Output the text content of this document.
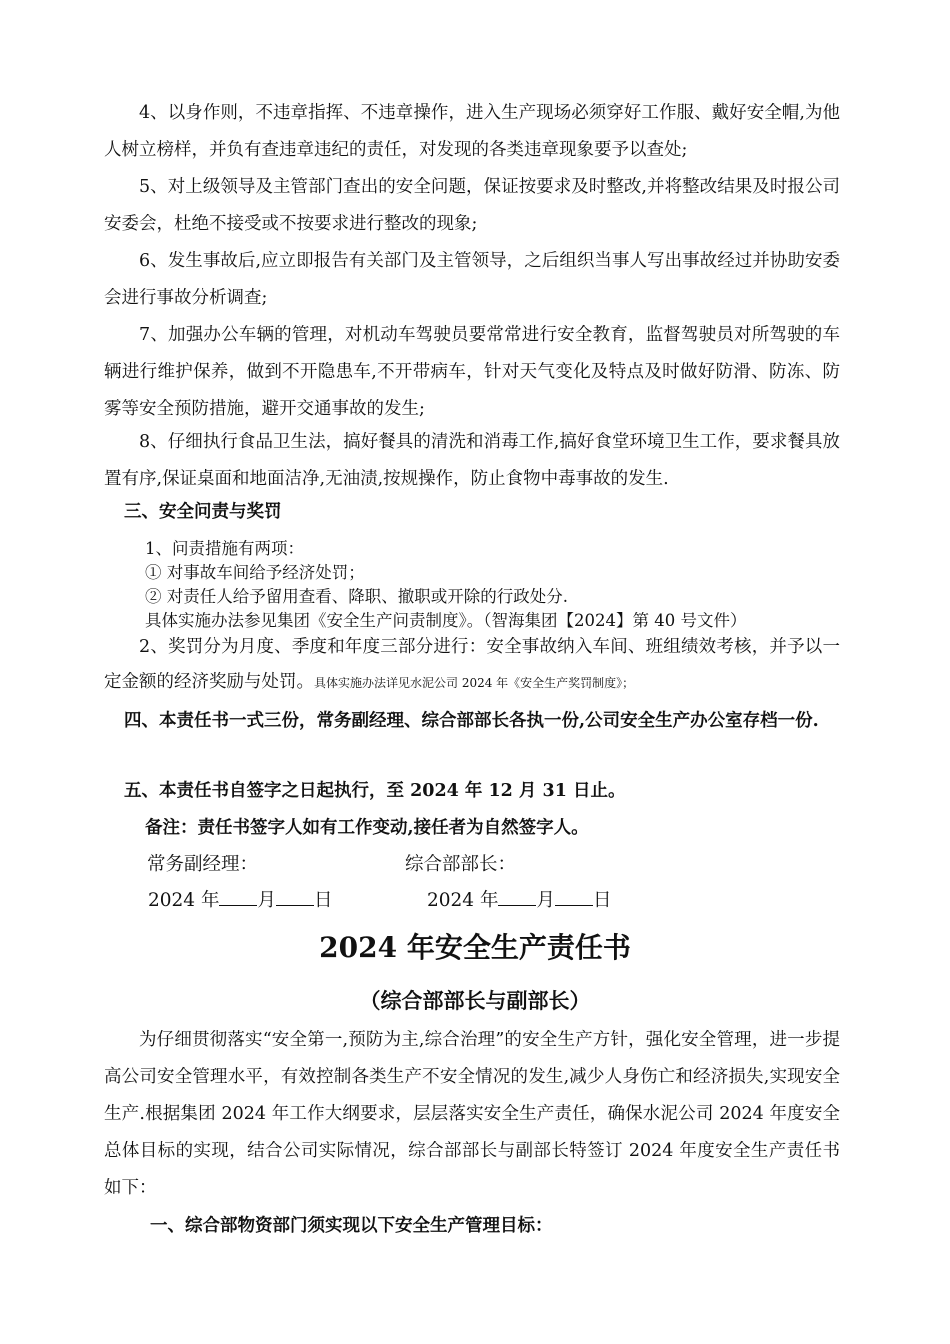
4、以身作则，不违章指挥、不违章操作，进入生产现场必须穿好工作服、戴好安全帽,为他人树立榜样，并负有查违章违纪的责任，对发现的各类违章现象要予以查处;

5、对上级领导及主管部门查出的安全问题，保证按要求及时整改,并将整改结果及时报公司安委会，杜绝不接受或不按要求进行整改的现象;

6、发生事故后,应立即报告有关部门及主管领导，之后组织当事人写出事故经过并协助安委会进行事故分析调查;

7、加强办公车辆的管理，对机动车驾驶员要常常进行安全教育，监督驾驶员对所驾驶的车辆进行维护保养，做到不开隐患车,不开带病车，针对天气变化及特点及时做好防滑、防冻、防雾等安全预防措施，避开交通事故的发生;

8、仔细执行食品卫生法，搞好餐具的清洗和消毒工作,搞好食堂环境卫生工作，要求餐具放置有序,保证桌面和地面洁净,无油渍,按规操作，防止食物中毒事故的发生.

三、安全问责与奖罚
1、问责措施有两项：
① 对事故车间给予经济处罚；
② 对责任人给予留用查看、降职、撤职或开除的行政处分.
具体实施办法参见集团《安全生产问责制度》。（智海集团【2024】第 40 号文件）

2、奖罚分为月度、季度和年度三部分进行：安全事故纳入车间、班组绩效考核，并予以一定金额的经济奖励与处罚。具体实施办法详见水泥公司 2024 年《安全生产奖罚制度》；

四、本责任书一式三份，常务副经理、综合部部长各执一份,公司安全生产办公室存档一份.

五、本责任书自签字之日起执行，至 2024 年 12 月 31 日止。
备注：责任书签字人如有工作变动,接任者为自然签字人。
常务副经理：	综合部部长：
2024 年 月 日	2024 年 月 日
2024 年安全生产责任书
（综合部部长与副部长）

为仔细贯彻落实“安全第一,预防为主,综合治理”的安全生产方针，强化安全管理，进一步提高公司安全管理水平，有效控制各类生产不安全情况的发生,减少人身伤亡和经济损失,实现安全生产.根据集团 2024 年工作大纲要求，层层落实安全生产责任，确保水泥公司 2024 年度安全总体目标的实现，结合公司实际情况，综合部部长与副部长特签订 2024 年度安全生产责任书如下：

一、综合部物资部门须实现以下安全生产管理目标：
